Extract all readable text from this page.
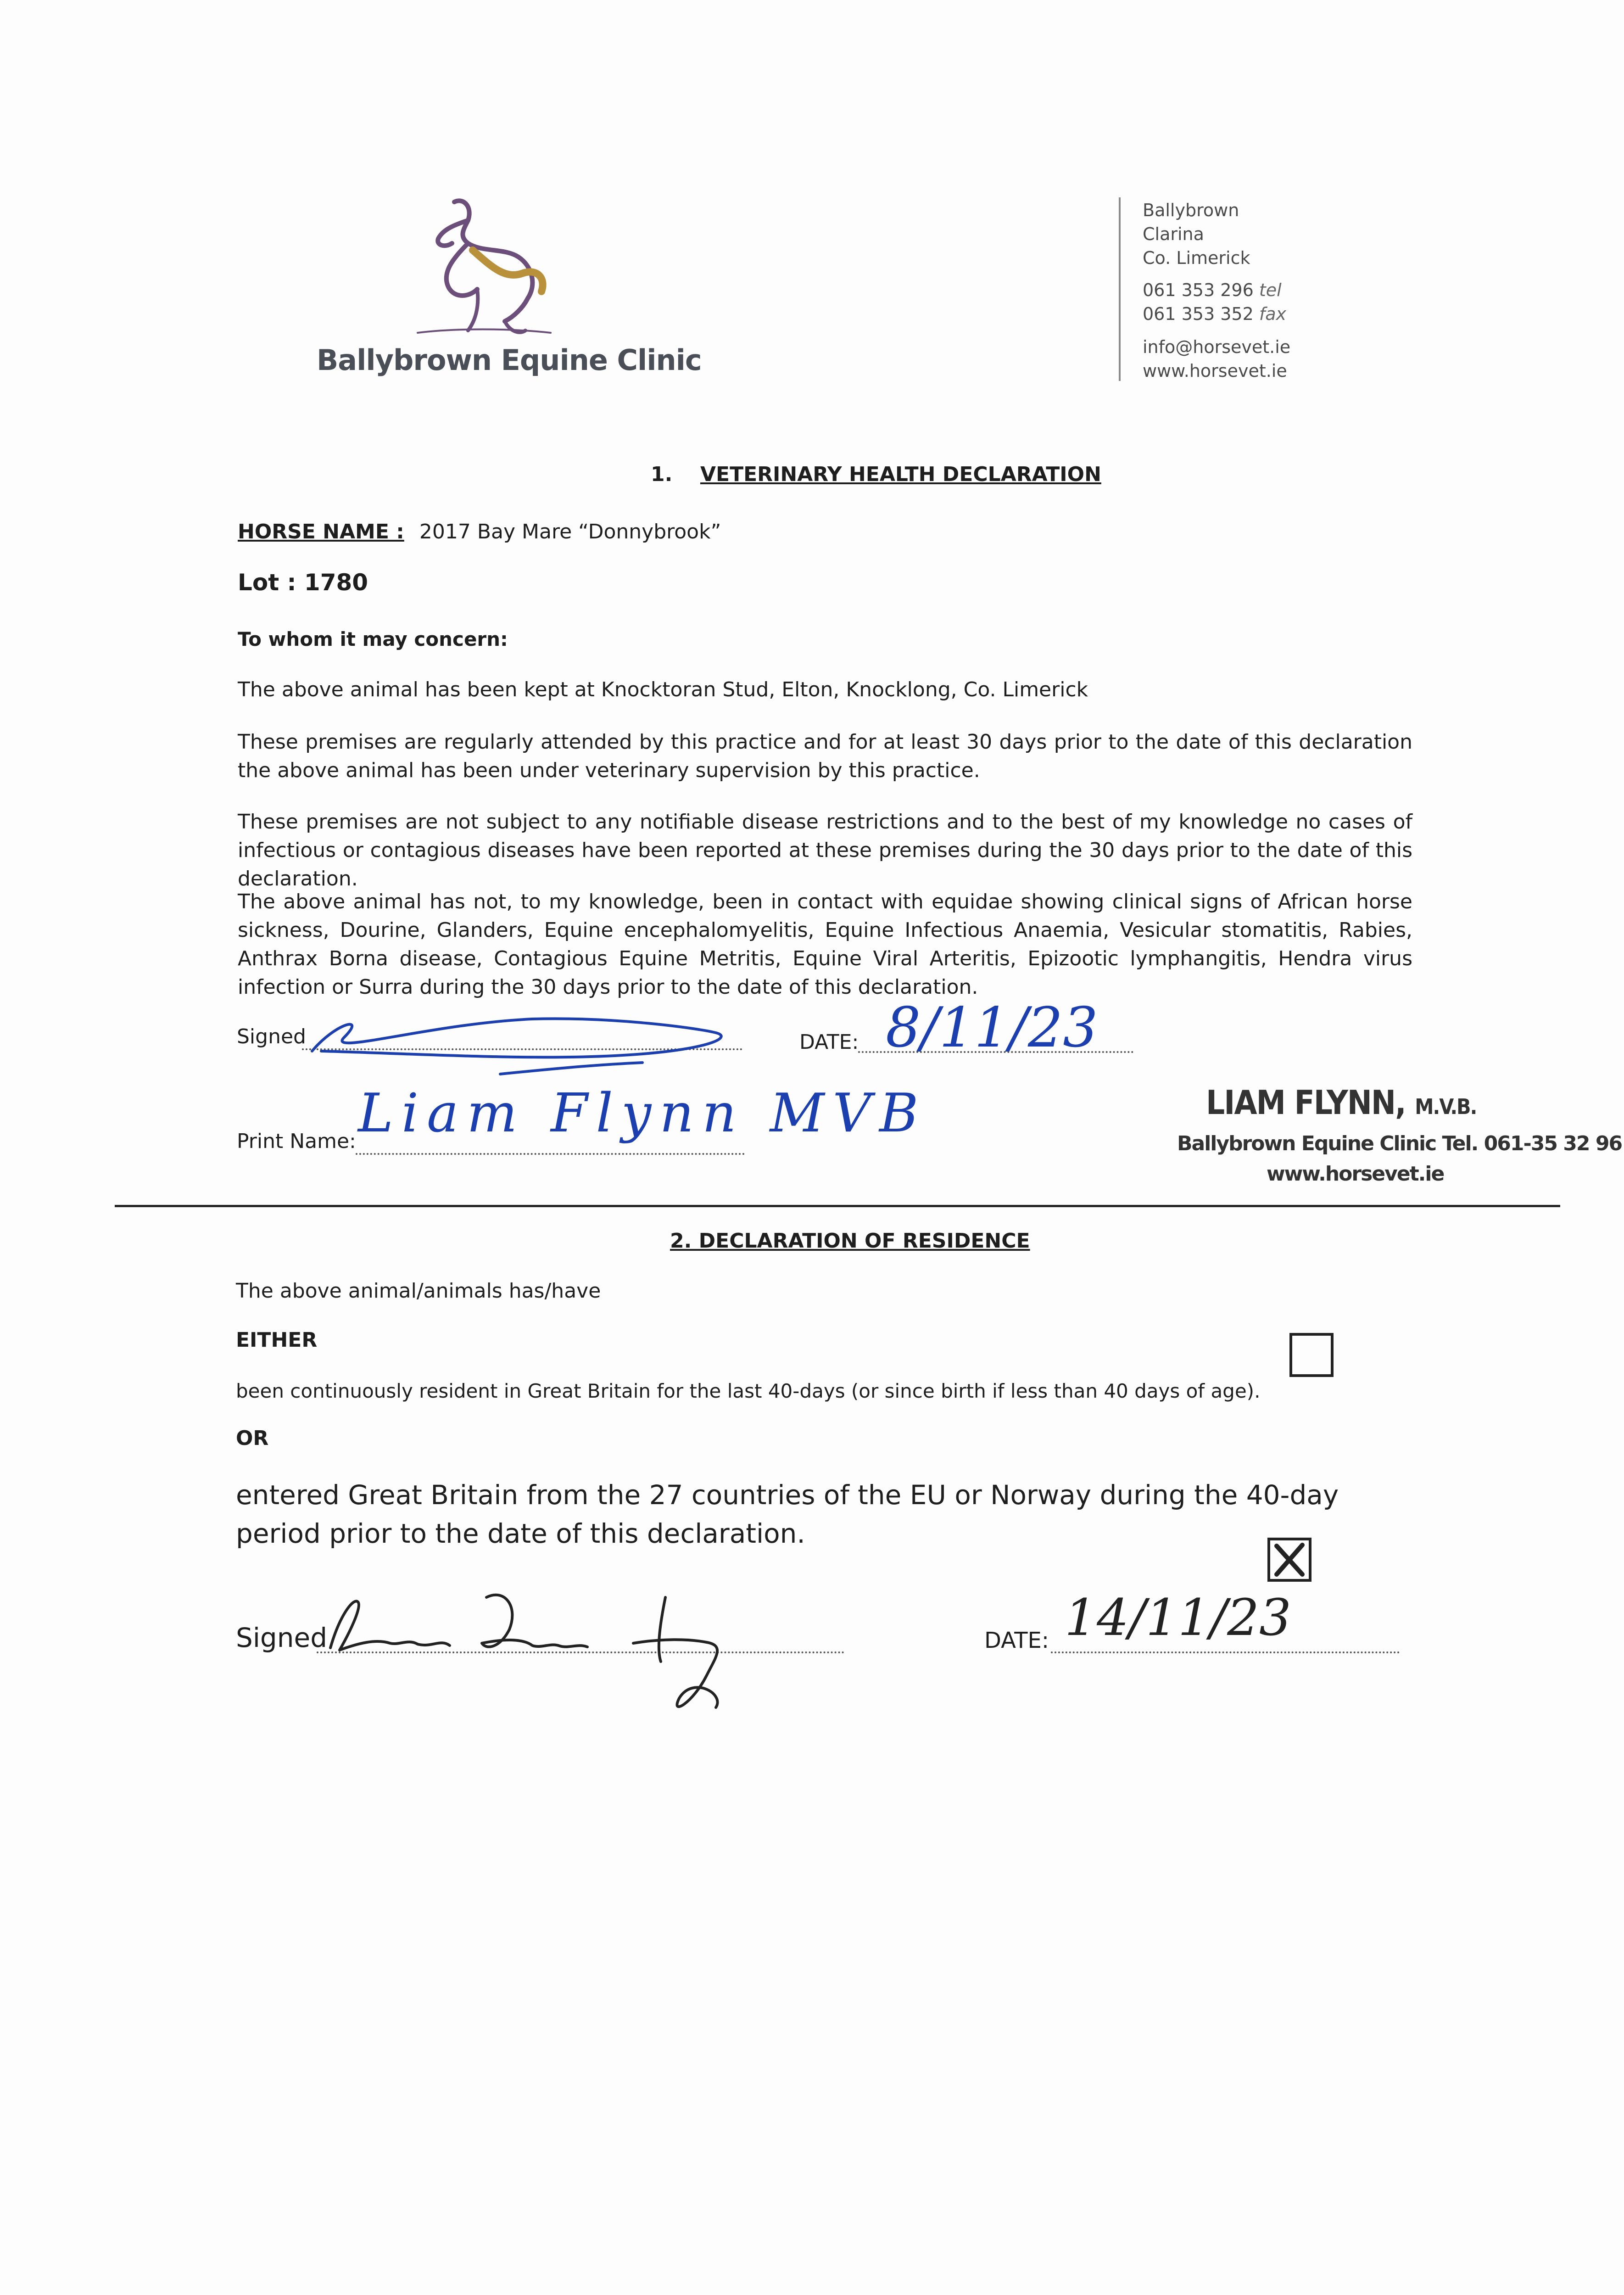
Ballybrown Equine Clinic
Ballybrown
Clarina
Co. Limerick
061 353 296 tel
061 353 352 fax
info@horsevet.ie
www.horsevet.ie
1. VETERINARY HEALTH DECLARATION
HORSE NAME : 2017 Bay Mare “Donnybrook”
Lot : 1780
To whom it may concern:
The above animal has been kept at Knocktoran Stud, Elton, Knocklong, Co. Limerick
These premises are regularly attended by this practice and for at least 30 days prior to the date of this declaration the above animal has been under veterinary supervision by this practice.
These premises are not subject to any notifiable disease restrictions and to the best of my knowledge no cases of infectious or contagious diseases have been reported at these premises during the 30 days prior to the date of this declaration.
The above animal has not, to my knowledge, been in contact with equidae showing clinical signs of African horse sickness, Dourine, Glanders, Equine encephalomyelitis, Equine Infectious Anaemia, Vesicular stomatitis, Rabies, Anthrax Borna disease, Contagious Equine Metritis, Equine Viral Arteritis, Epizootic lymphangitis, Hendra virus infection or Surra during the 30 days prior to the date of this declaration.
Signed	DATE: 8/11/23
Print Name: Liam Flynn MVB	LIAM FLYNN, M.V.B.
Ballybrown Equine Clinic Tel. 061-35 32 96
www.horsevet.ie
2. DECLARATION OF RESIDENCE
The above animal/animals has/have
EITHER
been continuously resident in Great Britain for the last 40-days (or since birth if less than 40 days of age).
OR
entered Great Britain from the 27 countries of the EU or Norway during the 40-day period prior to the date of this declaration.
Signed	DATE: 14/11/23
